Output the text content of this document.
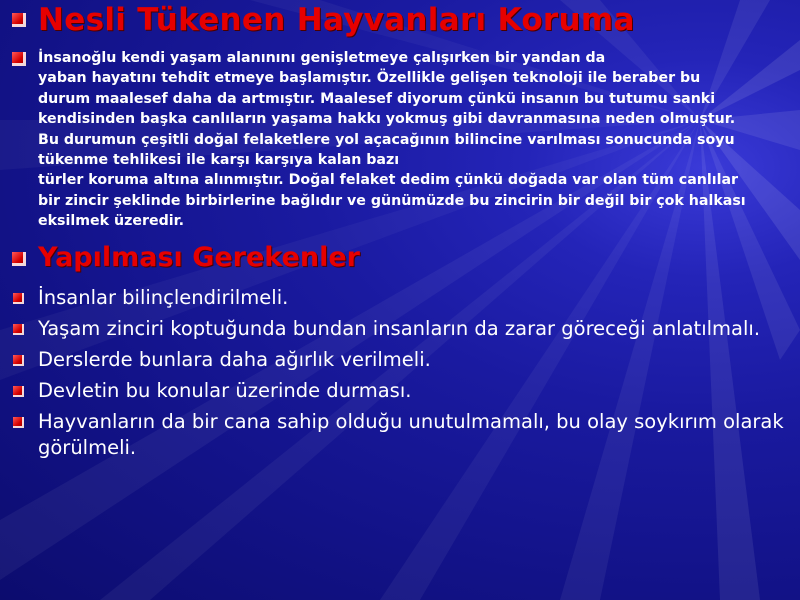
Nesli Tükenen Hayvanları Koruma
İnsanoğlu kendi yaşam alanınını genişletmeye çalışırken bir yandan da
yaban hayatını tehdit etmeye başlamıştır. Özellikle gelişen teknoloji ile beraber bu
durum maalesef daha da artmıştır. Maalesef diyorum çünkü insanın bu tutumu sanki
kendisinden başka canlıların yaşama hakkı yokmuş gibi davranmasına neden olmuştur.
Bu durumun çeşitli doğal felaketlere yol açacağının bilincine varılması sonucunda soyu
tükenme tehlikesi ile karşı karşıya kalan bazı
türler koruma altına alınmıştır. Doğal felaket dedim çünkü doğada var olan tüm canlılar
bir zincir şeklinde birbirlerine bağlıdır ve günümüzde bu zincirin bir değil bir çok halkası
eksilmek üzeredir.
Yapılması Gerekenler
İnsanlar bilinçlendirilmeli.
Yaşam zinciri koptuğunda bundan insanların da zarar göreceği anlatılmalı.
Derslerde bunlara daha ağırlık verilmeli.
Devletin bu konular üzerinde durması.
Hayvanların da bir cana sahip olduğu unutulmamalı, bu olay soykırım olarak görülmeli.
